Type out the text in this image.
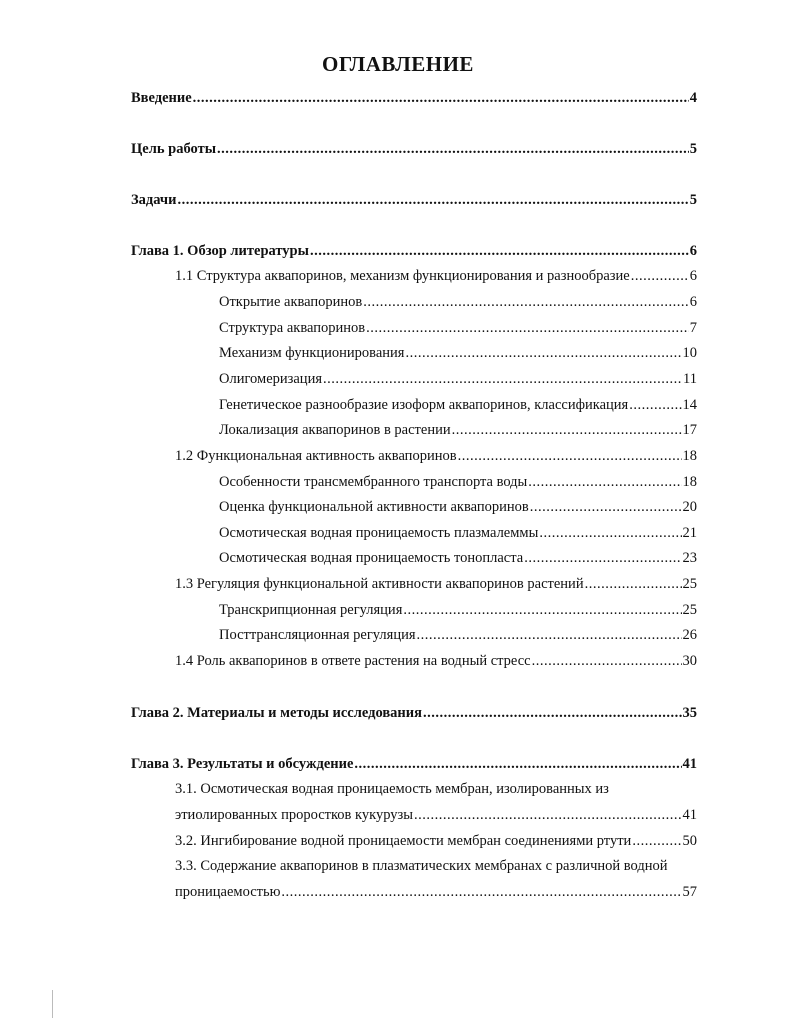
ОГЛАВЛЕНИЕ
Введение .....	4
Цель работы .....	5
Задачи .....	5
Глава 1. Обзор литературы .....	6
1.1 Структура аквапоринов, механизм функционирования и разнообразие .....	6
Открытие аквапоринов .....	6
Структура аквапоринов .....	7
Механизм функционирования .....	10
Олигомеризация .....	11
Генетическое разнообразие изоформ аквапоринов, классификация .....	14
Локализация аквапоринов в растении .....	17
1.2 Функциональная активность аквапоринов .....	18
Особенности трансмембранного транспорта воды .....	18
Оценка функциональной активности аквапоринов .....	20
Осмотическая водная проницаемость плазмалеммы .....	21
Осмотическая водная проницаемость тонопласта .....	23
1.3 Регуляция функциональной активности аквапоринов растений .....	25
Транскрипционная регуляция .....	25
Посттрансляционная регуляция .....	26
1.4 Роль аквапоринов в ответе растения на водный стресс .....	30
Глава 2. Материалы и методы исследования .....	35
Глава 3. Результаты и обсуждение .....	41
3.1. Осмотическая водная проницаемость мембран, изолированных из
этиолированных проростков кукурузы .....	41
3.2. Ингибирование водной проницаемости мембран соединениями ртути .....	50
3.3. Содержание аквапоринов в плазматических мембранах с различной водной
проницаемостью .....	57
